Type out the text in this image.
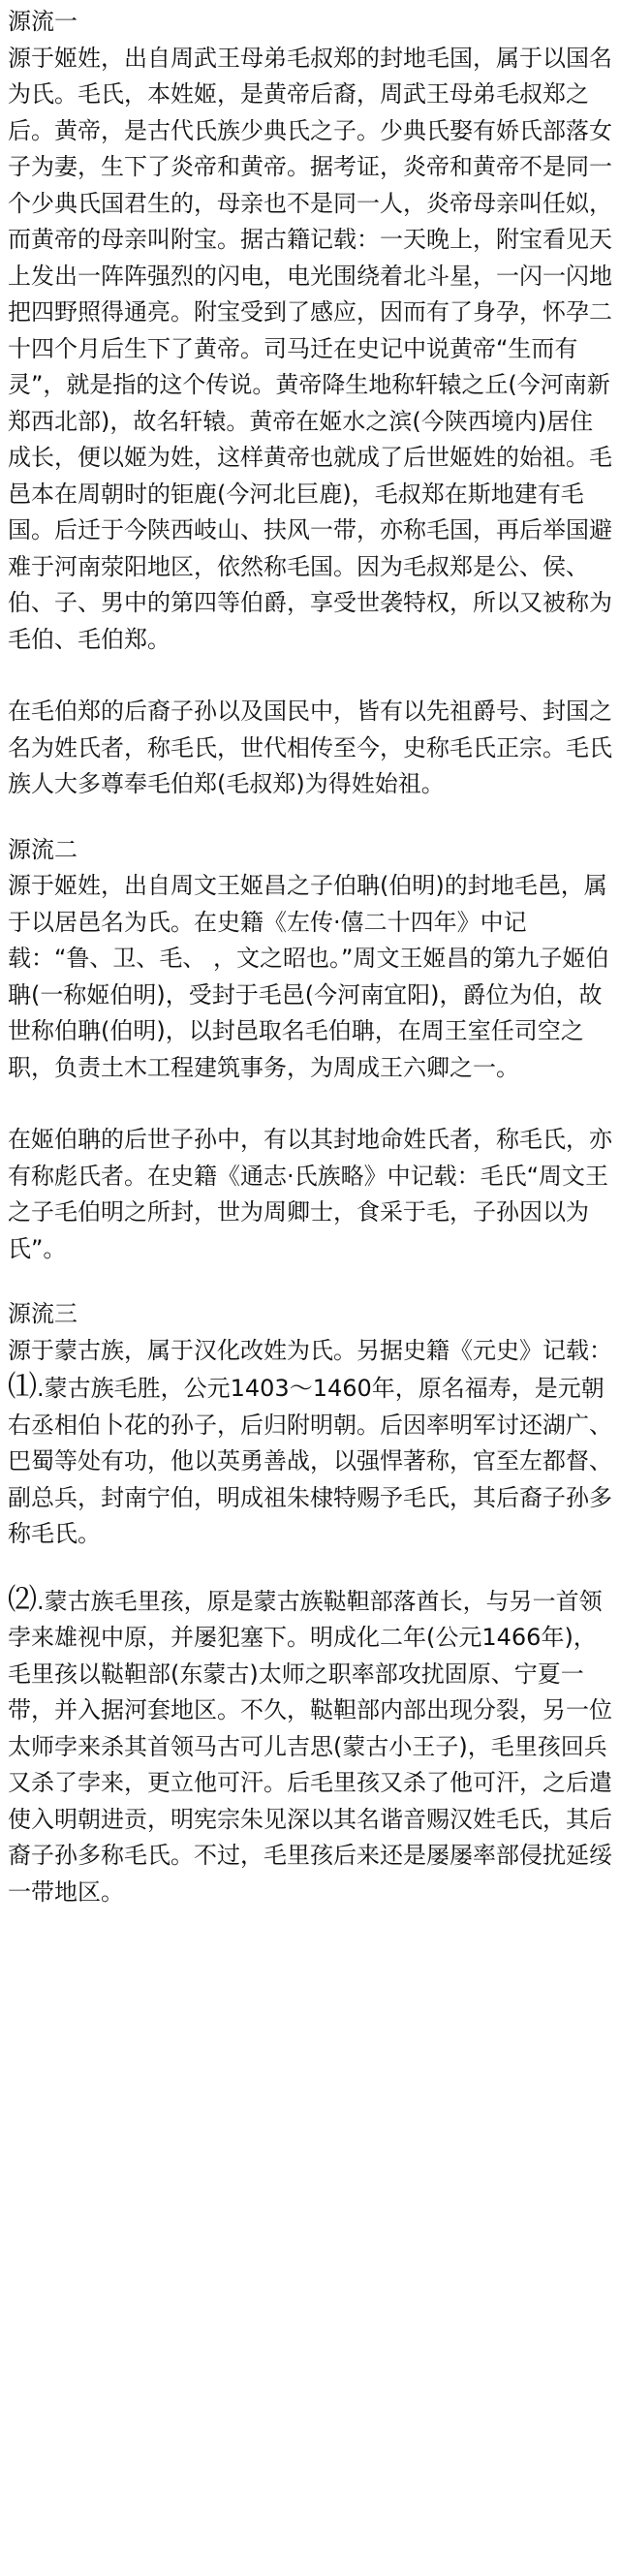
源流一

源于姬姓，出自周武王母弟毛叔郑的封地毛国，属于以国名为氏。毛氏，本姓姬，是黄帝后裔，周武王母弟毛叔郑之后。黄帝，是古代氏族少典氏之子。少典氏娶有娇氏部落女子为妻，生下了炎帝和黄帝。据考证，炎帝和黄帝不是同一个少典氏国君生的，母亲也不是同一人，炎帝母亲叫任姒，而黄帝的母亲叫附宝。据古籍记载：一天晚上，附宝看见天上发出一阵阵强烈的闪电，电光围绕着北斗星，一闪一闪地把四野照得通亮。附宝受到了感应，因而有了身孕，怀孕二十四个月后生下了黄帝。司马迁在史记中说黄帝“生而有灵”，就是指的这个传说。黄帝降生地称轩辕之丘(今河南新郑西北部)，故名轩辕。黄帝在姬水之滨(今陕西境内)居住成长，便以姬为姓，这样黄帝也就成了后世姬姓的始祖。毛邑本在周朝时的钜鹿(今河北巨鹿)，毛叔郑在斯地建有毛国。后迁于今陕西岐山、扶风一带，亦称毛国，再后举国避难于河南荥阳地区，依然称毛国。因为毛叔郑是公、侯、伯、子、男中的第四等伯爵，享受世袭特权，所以又被称为毛伯、毛伯郑。

在毛伯郑的后裔子孙以及国民中，皆有以先祖爵号、封国之名为姓氏者，称毛氏，世代相传至今，史称毛氏正宗。毛氏族人大多尊奉毛伯郑(毛叔郑)为得姓始祖。

源流二

源于姬姓，出自周文王姬昌之子伯聃(伯明)的封地毛邑，属于以居邑名为氏。在史籍《左传·僖二十四年》中记载：“鲁、卫、毛、 ，文之昭也。”周文王姬昌的第九子姬伯聃(一称姬伯明)，受封于毛邑(今河南宜阳)，爵位为伯，故世称伯聃(伯明)，以封邑取名毛伯聃，在周王室任司空之职，负责土木工程建筑事务，为周成王六卿之一。

在姬伯聃的后世子孙中，有以其封地命姓氏者，称毛氏，亦有称彪氏者。在史籍《通志·氏族略》中记载：毛氏“周文王之子毛伯明之所封，世为周卿士，食采于毛，子孙因以为氏”。

源流三

源于蒙古族，属于汉化改姓为氏。另据史籍《元史》记载：

⑴.蒙古族毛胜，公元1403～1460年，原名福寿，是元朝右丞相伯卜花的孙子，后归附明朝。后因率明军讨还湖广、巴蜀等处有功，他以英勇善战，以强悍著称，官至左都督、副总兵，封南宁伯，明成祖朱棣特赐予毛氏，其后裔子孙多称毛氏。

⑵.蒙古族毛里孩，原是蒙古族鞑靼部落酋长，与另一首领孛来雄视中原，并屡犯塞下。明成化二年(公元1466年)，毛里孩以鞑靼部(东蒙古)太师之职率部攻扰固原、宁夏一带，并入据河套地区。不久，鞑靼部内部出现分裂，另一位太师孛来杀其首领马古可儿吉思(蒙古小王子)，毛里孩回兵又杀了孛来，更立他可汗。后毛里孩又杀了他可汗，之后遣使入明朝进贡，明宪宗朱见深以其名谐音赐汉姓毛氏，其后裔子孙多称毛氏。不过，毛里孩后来还是屡屡率部侵扰延绥一带地区。
